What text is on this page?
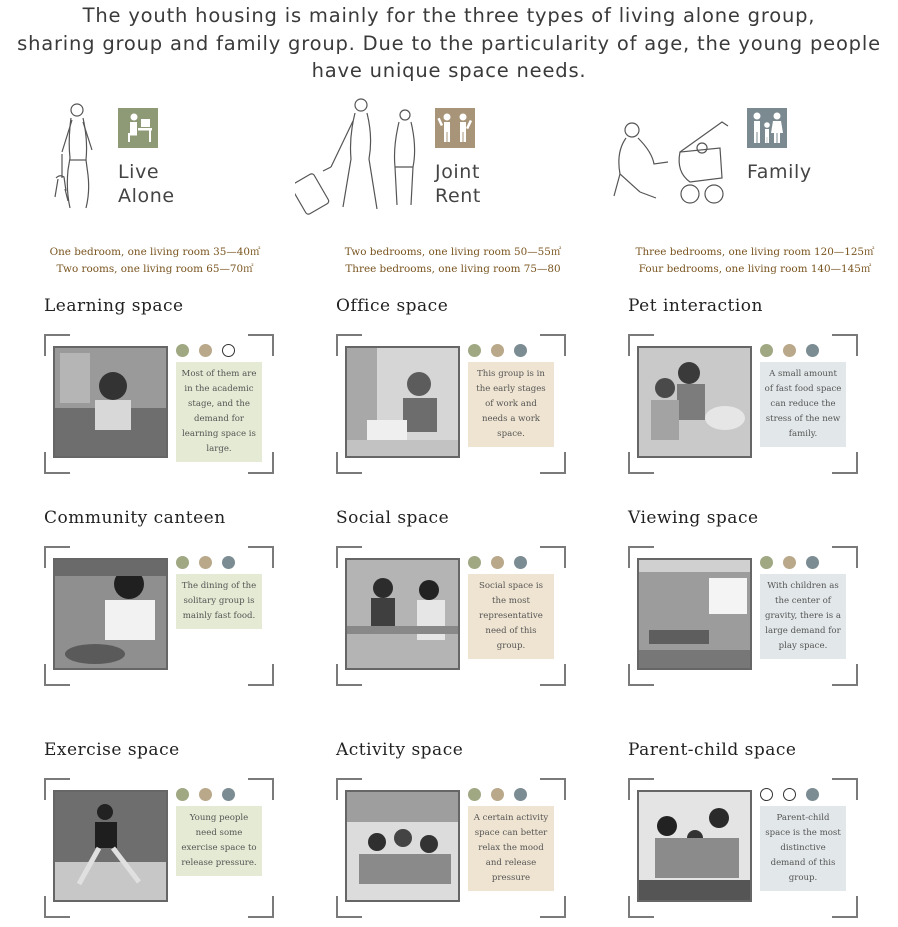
The youth housing is mainly for the three types of living alone group,
sharing group and family group. Due to the particularity of age, the young people
have unique space needs.
Live
Alone
One bedroom, one living room 35—40㎡
Two rooms, one living room 65—70㎡
Joint
Rent
Two bedrooms, one living room 50—55㎡
Three bedrooms, one living room 75—80
Family
Three bedrooms, one living room 120—125㎡
Four bedrooms, one living room 140—145㎡
Learning space
Most of them are in the academic stage, and the demand for learning space is large.
Office space
This group is in the early stages of work and needs a work space.
Pet interaction
A small amount of fast food space can reduce the stress of the new family.
Community canteen
The dining of the solitary group is mainly fast food.
Social space
Social space is the most representative need of this group.
Viewing space
With children as the center of gravity, there is a large demand for play space.
Exercise space
Young people need some exercise space to release pressure.
Activity space
A certain activity space can better relax the mood and release pressure
Parent-child space
Parent-child space is the most distinctive demand of this group.
